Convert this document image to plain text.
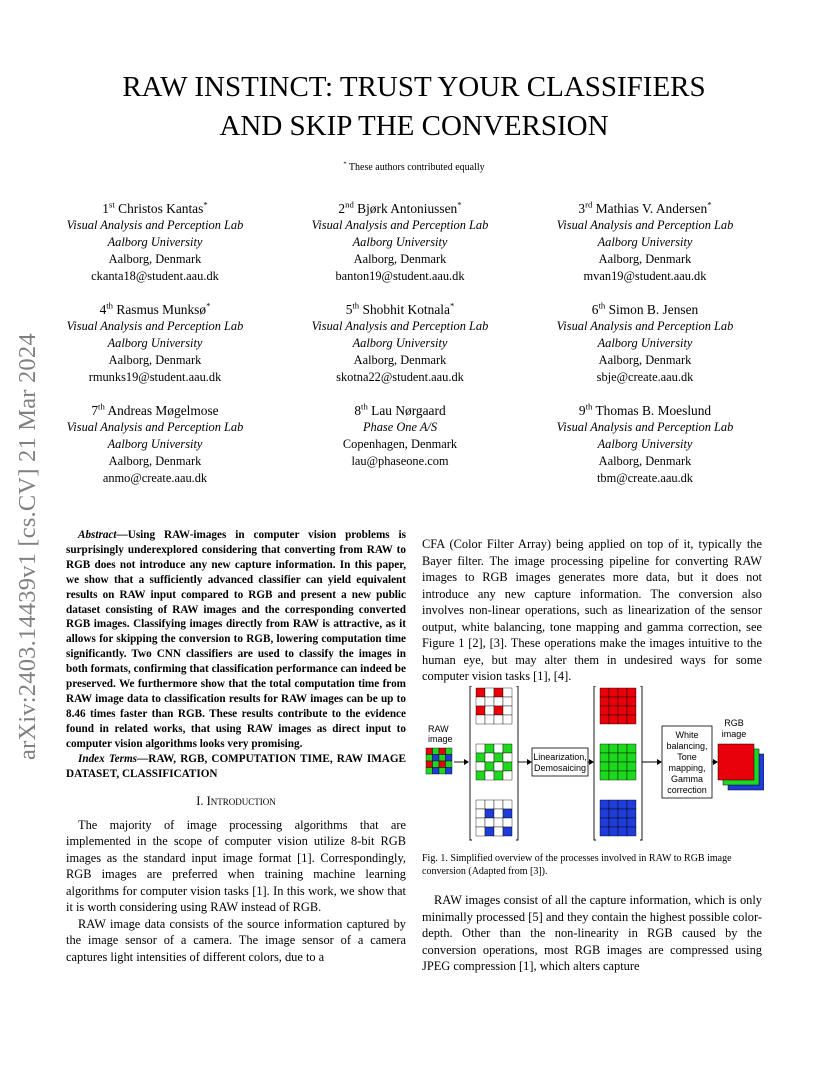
arXiv:2403.14439v1 [cs.CV] 21 Mar 2024
RAW INSTINCT: TRUST YOUR CLASSIFIERS
AND SKIP THE CONVERSION
* These authors contributed equally
1st Christos Kantas*
Visual Analysis and Perception Lab
Aalborg University
Aalborg, Denmark
ckanta18@student.aau.dk
2nd Bjørk Antoniussen*
Visual Analysis and Perception Lab
Aalborg University
Aalborg, Denmark
banton19@student.aau.dk
3rd Mathias V. Andersen*
Visual Analysis and Perception Lab
Aalborg University
Aalborg, Denmark
mvan19@student.aau.dk
4th Rasmus Munksø*
Visual Analysis and Perception Lab
Aalborg University
Aalborg, Denmark
rmunks19@student.aau.dk
5th Shobhit Kotnala*
Visual Analysis and Perception Lab
Aalborg University
Aalborg, Denmark
skotna22@student.aau.dk
6th Simon B. Jensen
Visual Analysis and Perception Lab
Aalborg University
Aalborg, Denmark
sbje@create.aau.dk
7th Andreas Møgelmose
Visual Analysis and Perception Lab
Aalborg University
Aalborg, Denmark
anmo@create.aau.dk
8th Lau Nørgaard
Phase One A/S
Copenhagen, Denmark
lau@phaseone.com
9th Thomas B. Moeslund
Visual Analysis and Perception Lab
Aalborg University
Aalborg, Denmark
tbm@create.aau.dk

Abstract—Using RAW-images in computer vision problems is surprisingly underexplored considering that converting from RAW to RGB does not introduce any new capture information. In this paper, we show that a sufficiently advanced classifier can yield equivalent results on RAW input compared to RGB and present a new public dataset consisting of RAW images and the corresponding converted RGB images. Classifying images directly from RAW is attractive, as it allows for skipping the conversion to RGB, lowering computation time significantly. Two CNN classifiers are used to classify the images in both formats, confirming that classification performance can indeed be preserved. We furthermore show that the total computation time from RAW image data to classification results for RAW images can be up to 8.46 times faster than RGB. These results contribute to the evidence found in related works, that using RAW images as direct input to computer vision algorithms looks very promising.

Index Terms—RAW, RGB, COMPUTATION TIME, RAW IMAGE DATASET, CLASSIFICATION

I. Introduction

The majority of image processing algorithms that are implemented in the scope of computer vision utilize 8-bit RGB images as the standard input image format [1]. Correspondingly, RGB images are preferred when training machine learning algorithms for computer vision tasks [1]. In this work, we show that it is worth considering using RAW instead of RGB.

RAW image data consists of the source information captured by the image sensor of a camera. The image sensor of a camera captures light intensities of different colors, due to a

CFA (Color Filter Array) being applied on top of it, typically the Bayer filter. The image processing pipeline for converting RAW images to RGB images generates more data, but it does not introduce any new capture information. The conversion also involves non-linear operations, such as linearization of the sensor output, white balancing, tone mapping and gamma correction, see Figure 1 [2], [3]. These operations make the images intuitive to the human eye, but may alter them in undesired ways for some computer vision tasks [1], [4].

RAW
image
Linearization,
Demosaicing
White
balancing,
Tone
mapping,
Gamma
correction
RGB
image
Fig. 1. Simplified overview of the processes involved in RAW to RGB image conversion (Adapted from [3]).

RAW images consist of all the capture information, which is only minimally processed [5] and they contain the highest possible color-depth. Other than the non-linearity in RGB caused by the conversion operations, most RGB images are compressed using JPEG compression [1], which alters capture
